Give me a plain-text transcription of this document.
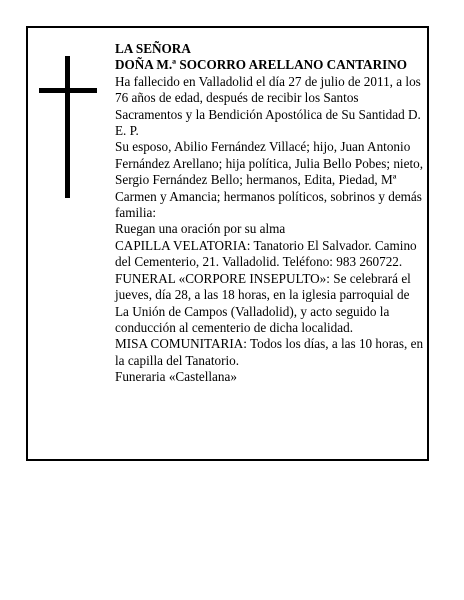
LA SEÑORA

DOÑA M.ª SOCORRO ARELLANO CANTARINO

Ha fallecido en Valladolid el día 27 de julio de 2011, a los 76 años de edad, después de recibir los Santos Sacramentos y la Bendición Apostólica de Su Santidad D. E. P.

Su esposo, Abilio Fernández Villacé; hijo, Juan Antonio Fernández Arellano; hija política, Julia Bello Pobes; nieto, Sergio Fernández Bello; hermanos, Edita, Piedad, Mª Carmen y Amancia; hermanos políticos, sobrinos y demás familia:

Ruegan una oración por su alma

CAPILLA VELATORIA: Tanatorio El Salvador. Camino del Cementerio, 21. Valladolid. Teléfono: 983 260722.

FUNERAL «CORPORE INSEPULTO»: Se celebrará el jueves, día 28, a las 18 horas, en la iglesia parroquial de La Unión de Campos (Valladolid), y acto seguido la conducción al cementerio de dicha localidad.

MISA COMUNITARIA: Todos los días, a las 10 horas, en la capilla del Tanatorio.

Funeraria «Castellana»
